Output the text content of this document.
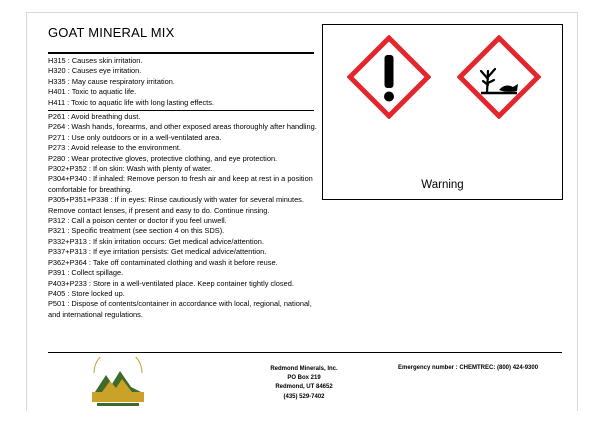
GOAT MINERAL MIX
H315 : Causes skin irritation.
H320 : Causes eye irritation.
H335 : May cause respiratory irritation.
H401 : Toxic to aquatic life.
H411 : Toxic to aquatic life with long lasting effects.
P261 : Avoid breathing dust.
P264 : Wash hands, forearms, and other exposed areas thoroughly after handling.
P271 : Use only outdoors or in a well-ventilated area.
P273 : Avoid release to the environment.
P280 : Wear protective gloves, protective clothing, and eye protection.
P302+P352 : If on skin: Wash with plenty of water.
P304+P340 : If inhaled: Remove person to fresh air and keep at rest in a position comfortable for breathing.
P305+P351+P338 : If in eyes: Rinse cautiously with water for several minutes. Remove contact lenses, if present and easy to do. Continue rinsing.
P312 : Call a poison center or doctor if you feel unwell.
P321 : Specific treatment (see section 4 on this SDS).
P332+P313 : If skin irritation occurs: Get medical advice/attention.
P337+P313 : If eye irritation persists: Get medical advice/attention.
P362+P364 : Take off contaminated clothing and wash it before reuse.
P391 : Collect spillage.
P403+P233 : Store in a well-ventilated place. Keep container tightly closed.
P405 : Store locked up.
P501 : Dispose of contents/container in accordance with local, regional, national, and international regulations.
Warning
Redmond Minerals, Inc.
PO Box 219
Redmond, UT 84652
(435) 529-7402
Emergency number : CHEMTREC: (800) 424-9300
